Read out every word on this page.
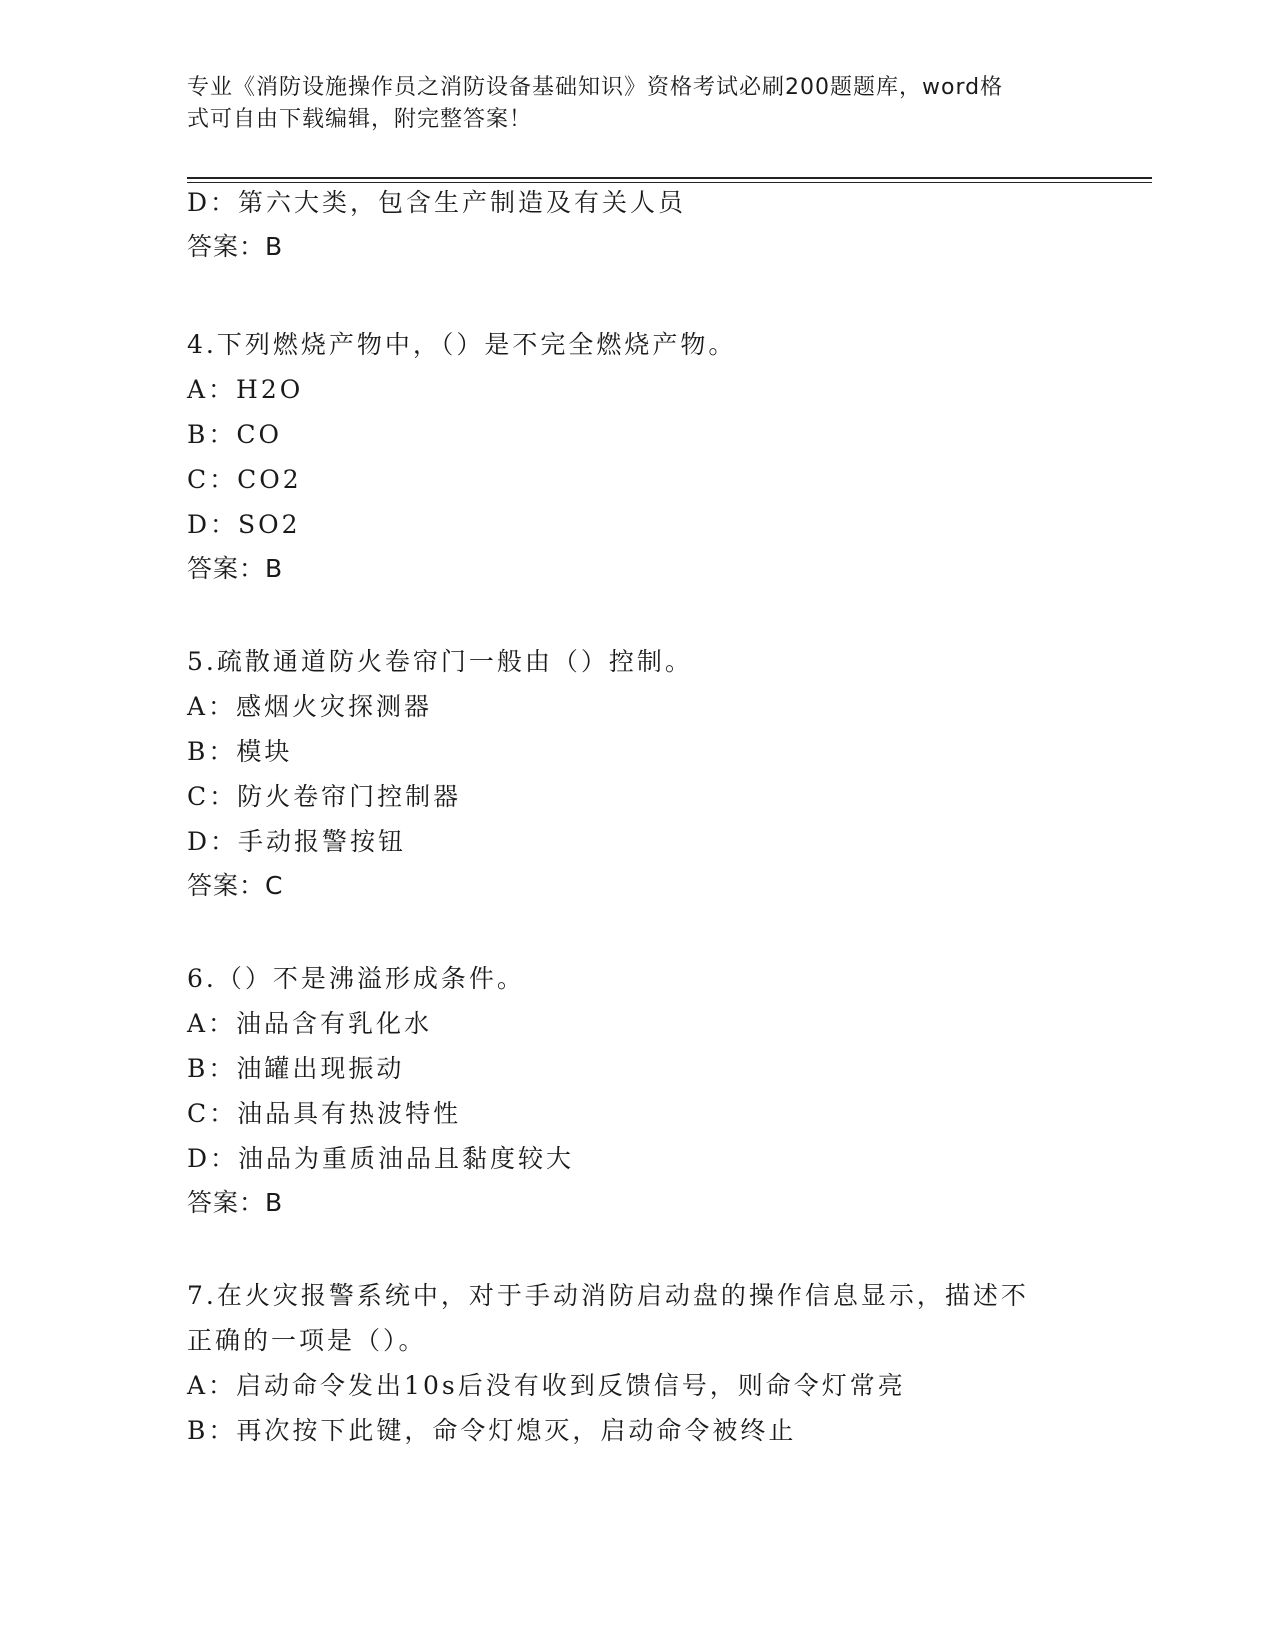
专业《消防设施操作员之消防设备基础知识》资格考试必刷200题题库，word格
式可自由下载编辑，附完整答案！
D：第六大类，包含生产制造及有关人员
答案：B
4.下列燃烧产物中，（）是不完全燃烧产物。
A：H2O
B：CO
C：CO2
D：SO2
答案：B
5.疏散通道防火卷帘门一般由（）控制。
A：感烟火灾探测器
B：模块
C：防火卷帘门控制器
D：手动报警按钮
答案：C
6.（）不是沸溢形成条件。
A：油品含有乳化水
B：油罐出现振动
C：油品具有热波特性
D：油品为重质油品且黏度较大
答案：B
7.在火灾报警系统中，对于手动消防启动盘的操作信息显示，描述不
正确的一项是（）。
A：启动命令发出10s后没有收到反馈信号，则命令灯常亮
B：再次按下此键，命令灯熄灭，启动命令被终止
